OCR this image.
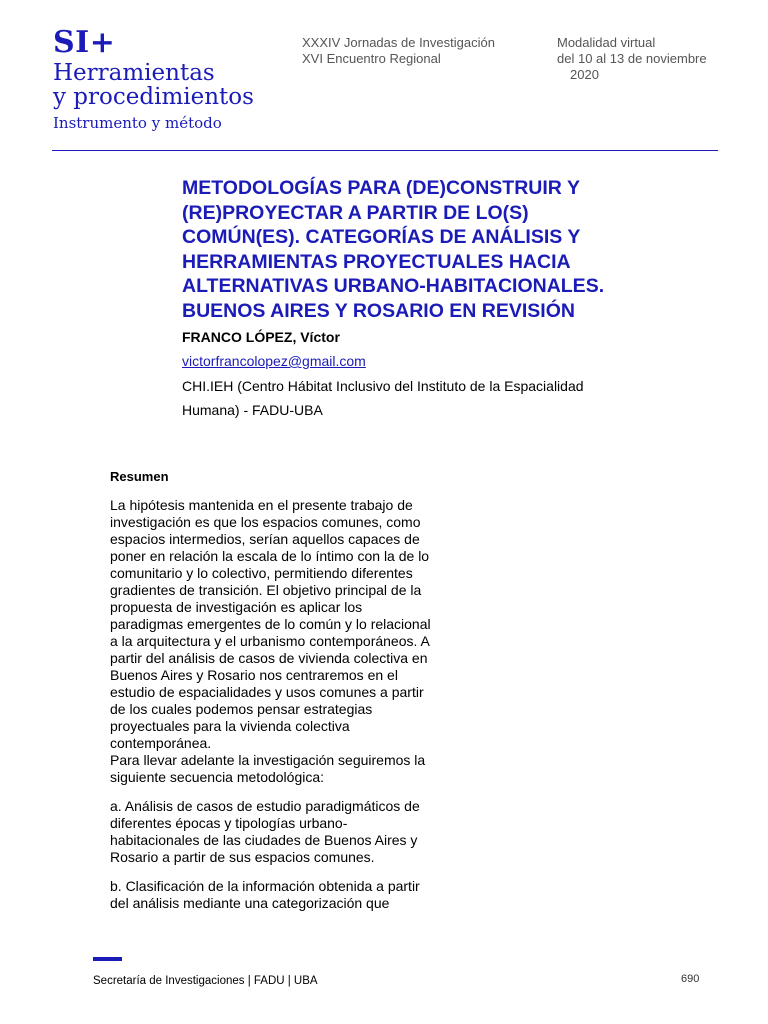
SI+
Herramientas
y procedimientos
Instrumento y método
XXXIV Jornadas de Investigación
XVI Encuentro Regional
Modalidad virtual
del 10 al 13 de noviembre
2020
METODOLOGÍAS PARA (DE)CONSTRUIR Y
(RE)PROYECTAR A PARTIR DE LO(S)
COMÚN(ES). CATEGORÍAS DE ANÁLISIS Y
HERRAMIENTAS PROYECTUALES HACIA
ALTERNATIVAS URBANO-HABITACIONALES.
BUENOS AIRES Y ROSARIO EN REVISIÓN
FRANCO LÓPEZ, Víctor
victorfrancolopez@gmail.com
CHI.IEH (Centro Hábitat Inclusivo del Instituto de la Espacialidad
Humana) - FADU-UBA
Resumen

La hipótesis mantenida en el presente trabajo de
investigación es que los espacios comunes, como
espacios intermedios, serían aquellos capaces de
poner en relación la escala de lo íntimo con la de lo
comunitario y lo colectivo, permitiendo diferentes
gradientes de transición. El objetivo principal de la
propuesta de investigación es aplicar los
paradigmas emergentes de lo común y lo relacional
a la arquitectura y el urbanismo contemporáneos. A
partir del análisis de casos de vivienda colectiva en
Buenos Aires y Rosario nos centraremos en el
estudio de espacialidades y usos comunes a partir
de los cuales podemos pensar estrategias
proyectuales para la vivienda colectiva
contemporánea.
Para llevar adelante la investigación seguiremos la
siguiente secuencia metodológica:

a. Análisis de casos de estudio paradigmáticos de
diferentes épocas y tipologías urbano-
habitacionales de las ciudades de Buenos Aires y
Rosario a partir de sus espacios comunes.

b. Clasificación de la información obtenida a partir
del análisis mediante una categorización que

Secretaría de Investigaciones | FADU | UBA	690
